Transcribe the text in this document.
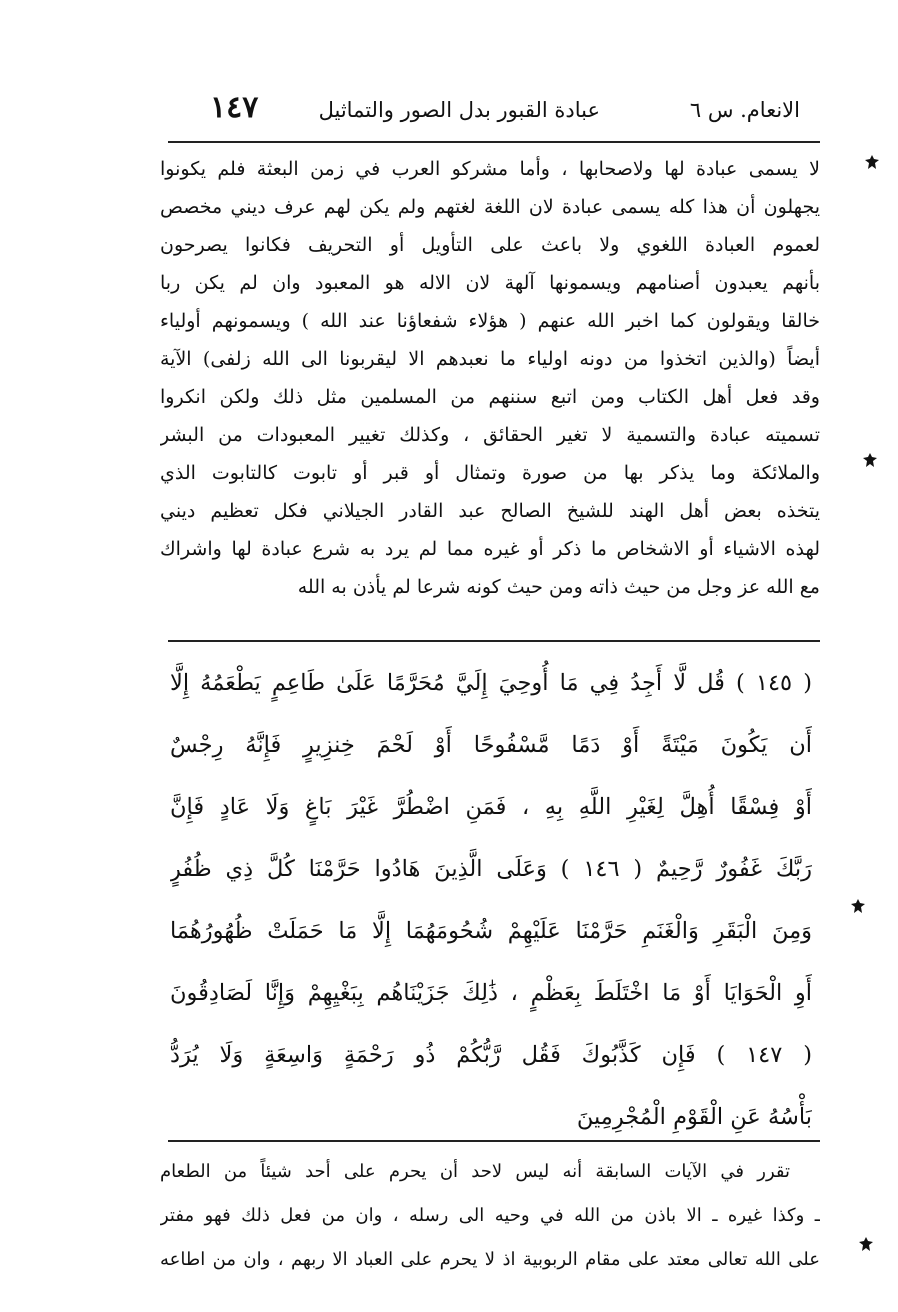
الانعام. س ٦
عبادة القبور بدل الصور والتماثيل
١٤٧
لا يسمى عبادة لها ولاصحابها ، وأما مشركو العرب في زمن البعثة فلم يكونوا
يجهلون أن هذا كله يسمى عبادة لان اللغة لغتهم ولم يكن لهم عرف ديني مخصص
لعموم العبادة اللغوي ولا باعث على التأويل أو التحريف فكانوا يصرحون
بأنهم يعبدون أصنامهم ويسمونها آلهة لان الاله هو المعبود وان لم يكن ربا
خالقا ويقولون كما اخبر الله عنهم ( هؤلاء شفعاؤنا عند الله ) ويسمونهم أولياء
أيضاً (والذين اتخذوا من دونه اولياء ما نعبدهم الا ليقربونا الى الله زلفى) الآية
وقد فعل أهل الكتاب ومن اتبع سننهم من المسلمين مثل ذلك ولكن انكروا
تسميته عبادة والتسمية لا تغير الحقائق ، وكذلك تغيير المعبودات من البشر
والملائكة وما يذكر بها من صورة وتمثال أو قبر أو تابوت كالتابوت الذي
يتخذه بعض أهل الهند للشيخ الصالح عبد القادر الجيلاني فكل تعظيم ديني
لهذه الاشياء أو الاشخاص ما ذكر أو غيره مما لم يرد به شرع عبادة لها واشراك
مع الله عز وجل من حيث ذاته ومن حيث كونه شرعا لم يأذن به الله
( ١٤٥ ) قُل لَّا أَجِدُ فِي مَا أُوحِيَ إِلَيَّ مُحَرَّمًا عَلَىٰ طَاعِمٍ يَطْعَمُهُ إِلَّا
أَن يَكُونَ مَيْتَةً أَوْ دَمًا مَّسْفُوحًا أَوْ لَحْمَ خِنزِيرٍ فَإِنَّهُ رِجْسٌ
أَوْ فِسْقًا أُهِلَّ لِغَيْرِ اللَّهِ بِهِ ، فَمَنِ اضْطُرَّ غَيْرَ بَاغٍ وَلَا عَادٍ فَإِنَّ
رَبَّكَ غَفُورٌ رَّحِيمٌ ( ١٤٦ ) وَعَلَى الَّذِينَ هَادُوا حَرَّمْنَا كُلَّ ذِي ظُفُرٍ
وَمِنَ الْبَقَرِ وَالْغَنَمِ حَرَّمْنَا عَلَيْهِمْ شُحُومَهُمَا إِلَّا مَا حَمَلَتْ ظُهُورُهُمَا
أَوِ الْحَوَايَا أَوْ مَا اخْتَلَطَ بِعَظْمٍ ، ذَٰلِكَ جَزَيْنَاهُم بِبَغْيِهِمْ وَإِنَّا لَصَادِقُونَ
( ١٤٧ ) فَإِن كَذَّبُوكَ فَقُل رَّبُّكُمْ ذُو رَحْمَةٍ وَاسِعَةٍ وَلَا يُرَدُّ
بَأْسُهُ عَنِ الْقَوْمِ الْمُجْرِمِينَ
تقرر في الآيات السابقة أنه ليس لاحد أن يحرم على أحد شيئاً من الطعام
ـ وكذا غيره ـ الا باذن من الله في وحيه الى رسله ، وان من فعل ذلك فهو مفتر
على الله تعالى معتد على مقام الربوبية اذ لا يحرم على العباد الا ربهم ، وان من اطاعه
